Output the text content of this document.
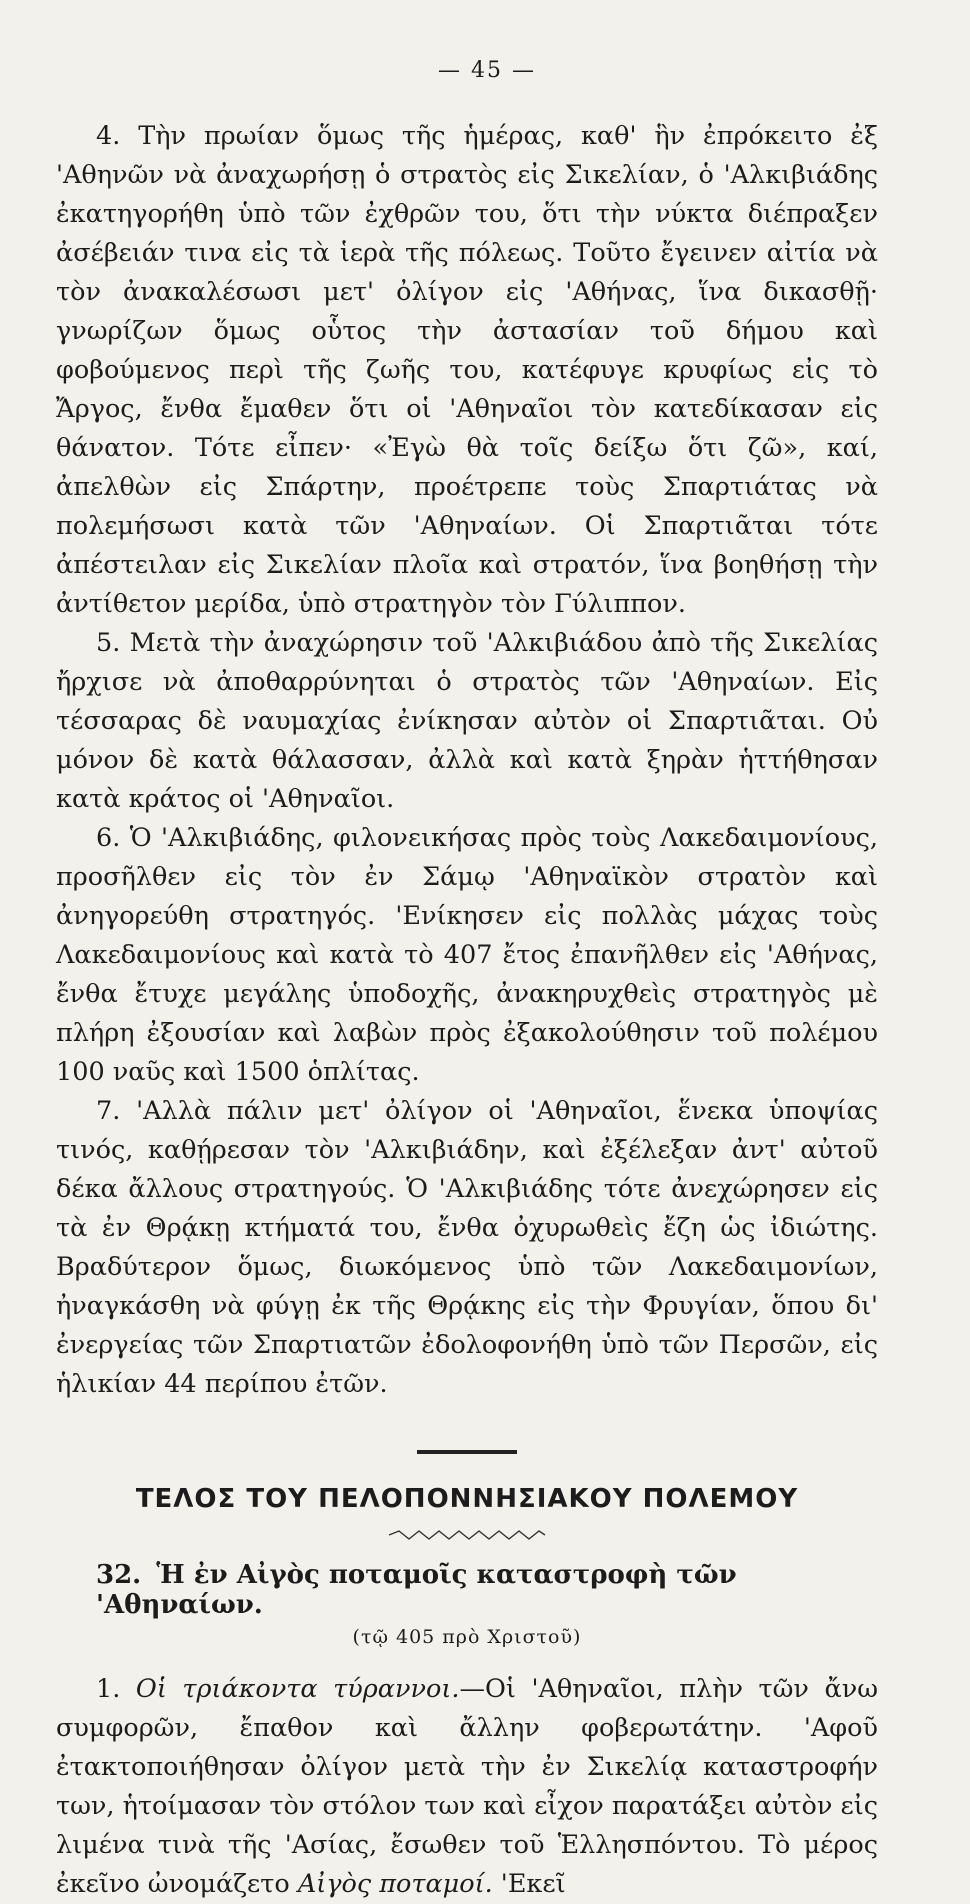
— 45 —

4. Τὴν πρωίαν ὅμως τῆς ἡμέρας, καθ' ἣν ἐπρόκειτο ἐξ 'Αθηνῶν νὰ ἀναχωρήσῃ ὁ στρατὸς εἰς Σικελίαν, ὁ 'Αλκιβιάδης ἐκατηγορήθη ὑπὸ τῶν ἐχθρῶν του, ὅτι τὴν νύκτα διέπραξεν ἀσέβειάν τινα εἰς τὰ ἱερὰ τῆς πόλεως. Τοῦτο ἔγεινεν αἰτία νὰ τὸν ἀνακαλέσωσι μετ' ὀλίγον εἰς 'Αθήνας, ἵνα δικασθῇ· γνωρίζων ὅμως οὗτος τὴν ἀστασίαν τοῦ δήμου καὶ φοβούμενος περὶ τῆς ζωῆς του, κατέφυγε κρυφίως εἰς τὸ Ἄργος, ἔνθα ἔμαθεν ὅτι οἱ 'Αθηναῖοι τὸν κατεδίκασαν εἰς θάνατον. Τότε εἶπεν· «Ἐγὼ θὰ τοῖς δείξω ὅτι ζῶ», καί, ἀπελθὼν εἰς Σπάρτην, προέτρεπε τοὺς Σπαρτιάτας νὰ πολεμήσωσι κατὰ τῶν 'Αθηναίων. Οἱ Σπαρτιᾶται τότε ἀπέστειλαν εἰς Σικελίαν πλοῖα καὶ στρατόν, ἵνα βοηθήσῃ τὴν ἀντίθετον μερίδα, ὑπὸ στρατηγὸν τὸν Γύλιππον.

5. Μετὰ τὴν ἀναχώρησιν τοῦ 'Αλκιβιάδου ἀπὸ τῆς Σικελίας ἤρχισε νὰ ἀποθαρρύνηται ὁ στρατὸς τῶν 'Αθηναίων. Εἰς τέσσαρας δὲ ναυμαχίας ἐνίκησαν αὐτὸν οἱ Σπαρτιᾶται. Οὐ μόνον δὲ κατὰ θάλασσαν, ἀλλὰ καὶ κατὰ ξηρὰν ἡττήθησαν κατὰ κράτος οἱ 'Αθηναῖοι.

6. Ὁ 'Αλκιβιάδης, φιλονεικήσας πρὸς τοὺς Λακεδαιμονίους, προσῆλθεν εἰς τὸν ἐν Σάμῳ 'Αθηναϊκὸν στρατὸν καὶ ἀνηγορεύθη στρατηγός. 'Ενίκησεν εἰς πολλὰς μάχας τοὺς Λακεδαιμονίους καὶ κατὰ τὸ 407 ἔτος ἐπανῆλθεν εἰς 'Αθήνας, ἔνθα ἔτυχε μεγάλης ὑποδοχῆς, ἀνακηρυχθεὶς στρατηγὸς μὲ πλήρη ἐξουσίαν καὶ λαβὼν πρὸς ἐξακολούθησιν τοῦ πολέμου 100 ναῦς καὶ 1500 ὁπλίτας.

7. 'Αλλὰ πάλιν μετ' ὀλίγον οἱ 'Αθηναῖοι, ἕνεκα ὑποψίας τινός, καθῄρεσαν τὸν 'Αλκιβιάδην, καὶ ἐξέλεξαν ἀντ' αὐτοῦ δέκα ἄλλους στρατηγούς. Ὁ 'Αλκιβιάδης τότε ἀνεχώρησεν εἰς τὰ ἐν Θρᾴκῃ κτήματά του, ἔνθα ὀχυρωθεὶς ἔζη ὡς ἰδιώτης. Βραδύτερον ὅμως, διωκόμενος ὑπὸ τῶν Λακεδαιμονίων, ἠναγκάσθη νὰ φύγῃ ἐκ τῆς Θρᾴκης εἰς τὴν Φρυγίαν, ὅπου δι' ἐνεργείας τῶν Σπαρτιατῶν ἐδολοφονήθη ὑπὸ τῶν Περσῶν, εἰς ἡλικίαν 44 περίπου ἐτῶν.

ΤΕΛΟΣ ΤΟΥ ΠΕΛΟΠΟΝΝΗΣΙΑΚΟΥ ΠΟΛΕΜΟΥ
32. Ἡ ἐν Αἰγὸς ποταμοῖς καταστροφὴ τῶν 'Αθηναίων.
(τῷ 405 πρὸ Χριστοῦ)

1. Οἱ τριάκοντα τύραννοι.—Οἱ 'Αθηναῖοι, πλὴν τῶν ἄνω συμφορῶν, ἔπαθον καὶ ἄλλην φοβερωτάτην. 'Αφοῦ ἐτακτοποιήθησαν ὀλίγον μετὰ τὴν ἐν Σικελίᾳ καταστροφήν των, ἡτοίμασαν τὸν στόλον των καὶ εἶχον παρατάξει αὐτὸν εἰς λιμένα τινὰ τῆς 'Ασίας, ἔσωθεν τοῦ Ἑλλησπόντου. Τὸ μέρος ἐκεῖνο ὠνομάζετο Αἰγὸς ποταμοί. 'Εκεῖ
